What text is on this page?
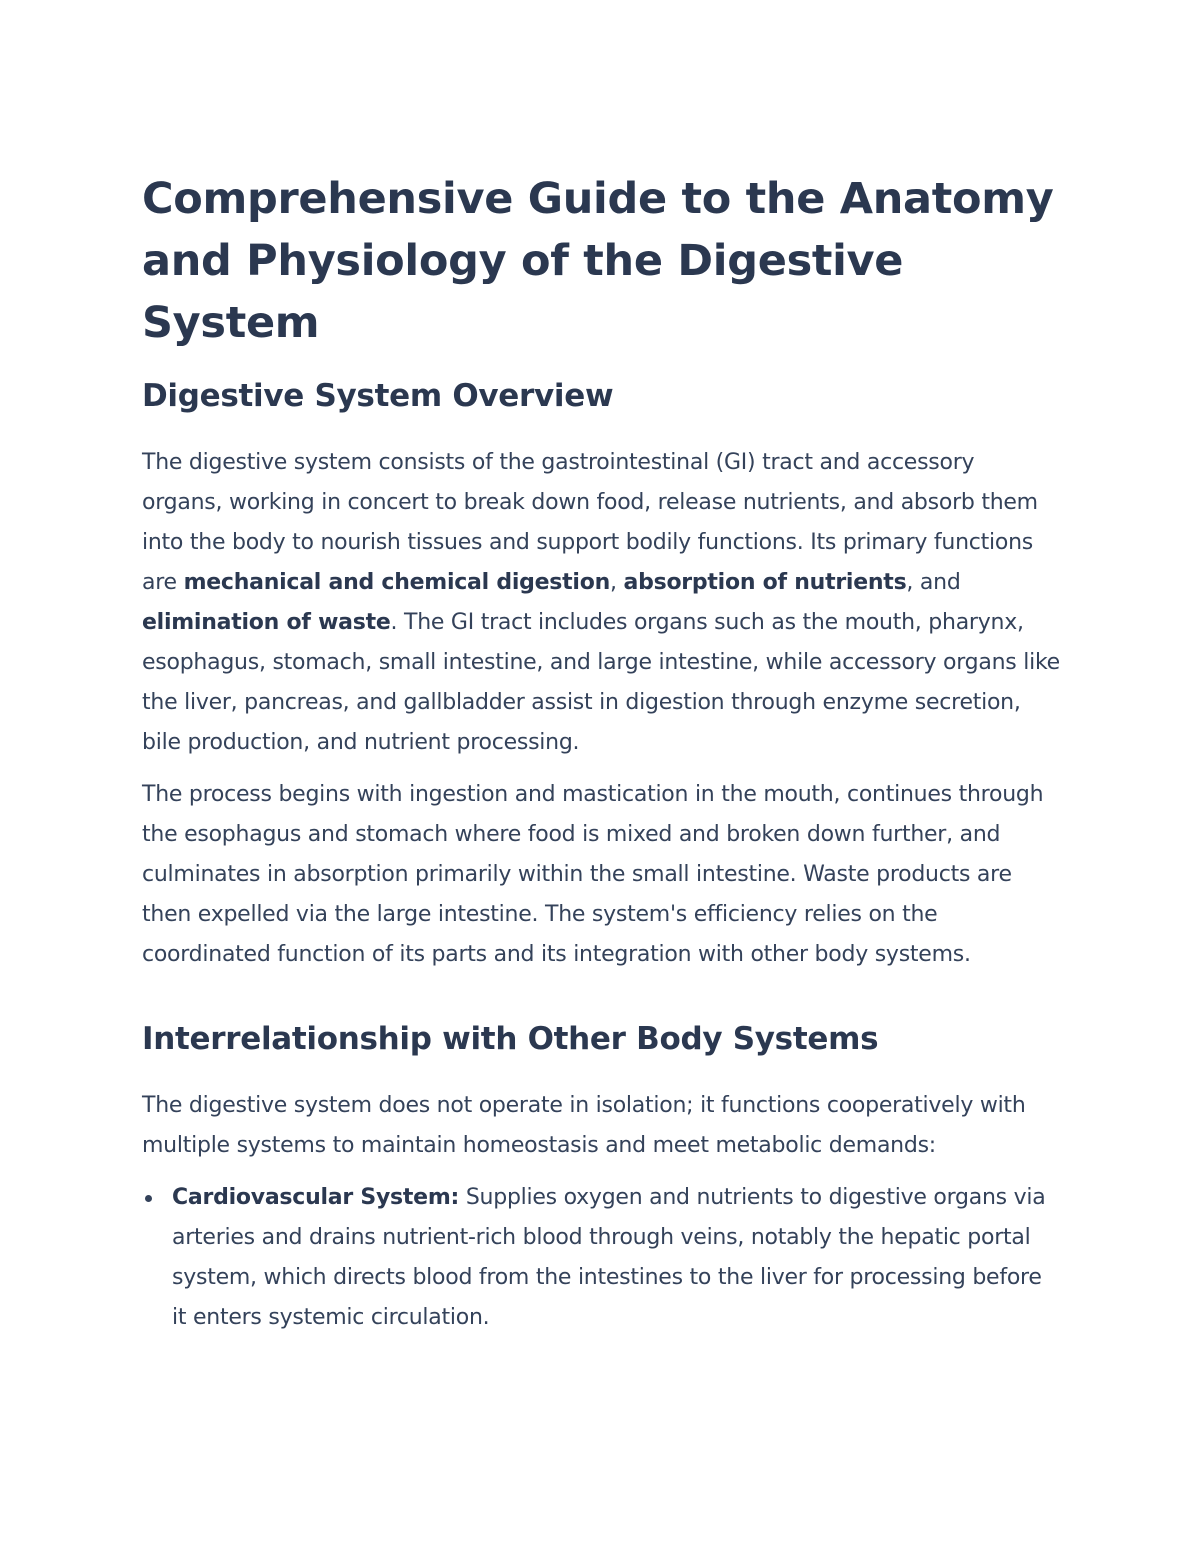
Comprehensive Guide to the Anatomy and Physiology of the Digestive System
Digestive System Overview

The digestive system consists of the gastrointestinal (GI) tract and accessory organs, working in concert to break down food, release nutrients, and absorb them into the body to nourish tissues and support bodily functions. Its primary functions are mechanical and chemical digestion, absorption of nutrients, and elimination of waste. The GI tract includes organs such as the mouth, pharynx, esophagus, stomach, small intestine, and large intestine, while accessory organs like the liver, pancreas, and gallbladder assist in digestion through enzyme secretion, bile production, and nutrient processing.

The process begins with ingestion and mastication in the mouth, continues through the esophagus and stomach where food is mixed and broken down further, and culminates in absorption primarily within the small intestine. Waste products are then expelled via the large intestine. The system's efficiency relies on the coordinated function of its parts and its integration with other body systems.

Interrelationship with Other Body Systems

The digestive system does not operate in isolation; it functions cooperatively with multiple systems to maintain homeostasis and meet metabolic demands:

Cardiovascular System: Supplies oxygen and nutrients to digestive organs via arteries and drains nutrient-rich blood through veins, notably the hepatic portal system, which directs blood from the intestines to the liver for processing before it enters systemic circulation.
